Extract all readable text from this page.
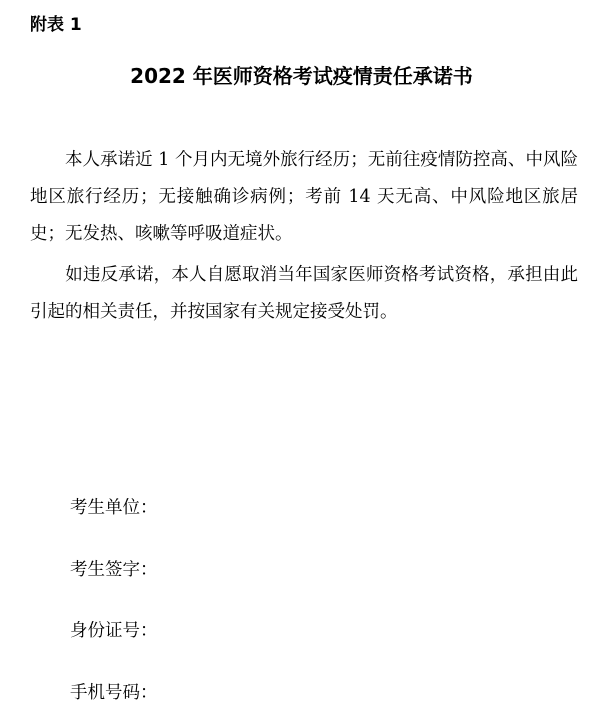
附表 1
2022 年医师资格考试疫情责任承诺书

本人承诺近 1 个月内无境外旅行经历；无前往疫情防控高、中风险地区旅行经历；无接触确诊病例；考前 14 天无高、中风险地区旅居史；无发热、咳嗽等呼吸道症状。

如违反承诺，本人自愿取消当年国家医师资格考试资格，承担由此引起的相关责任，并按国家有关规定接受处罚。

考生单位：
考生签字：
身份证号：
手机号码：
